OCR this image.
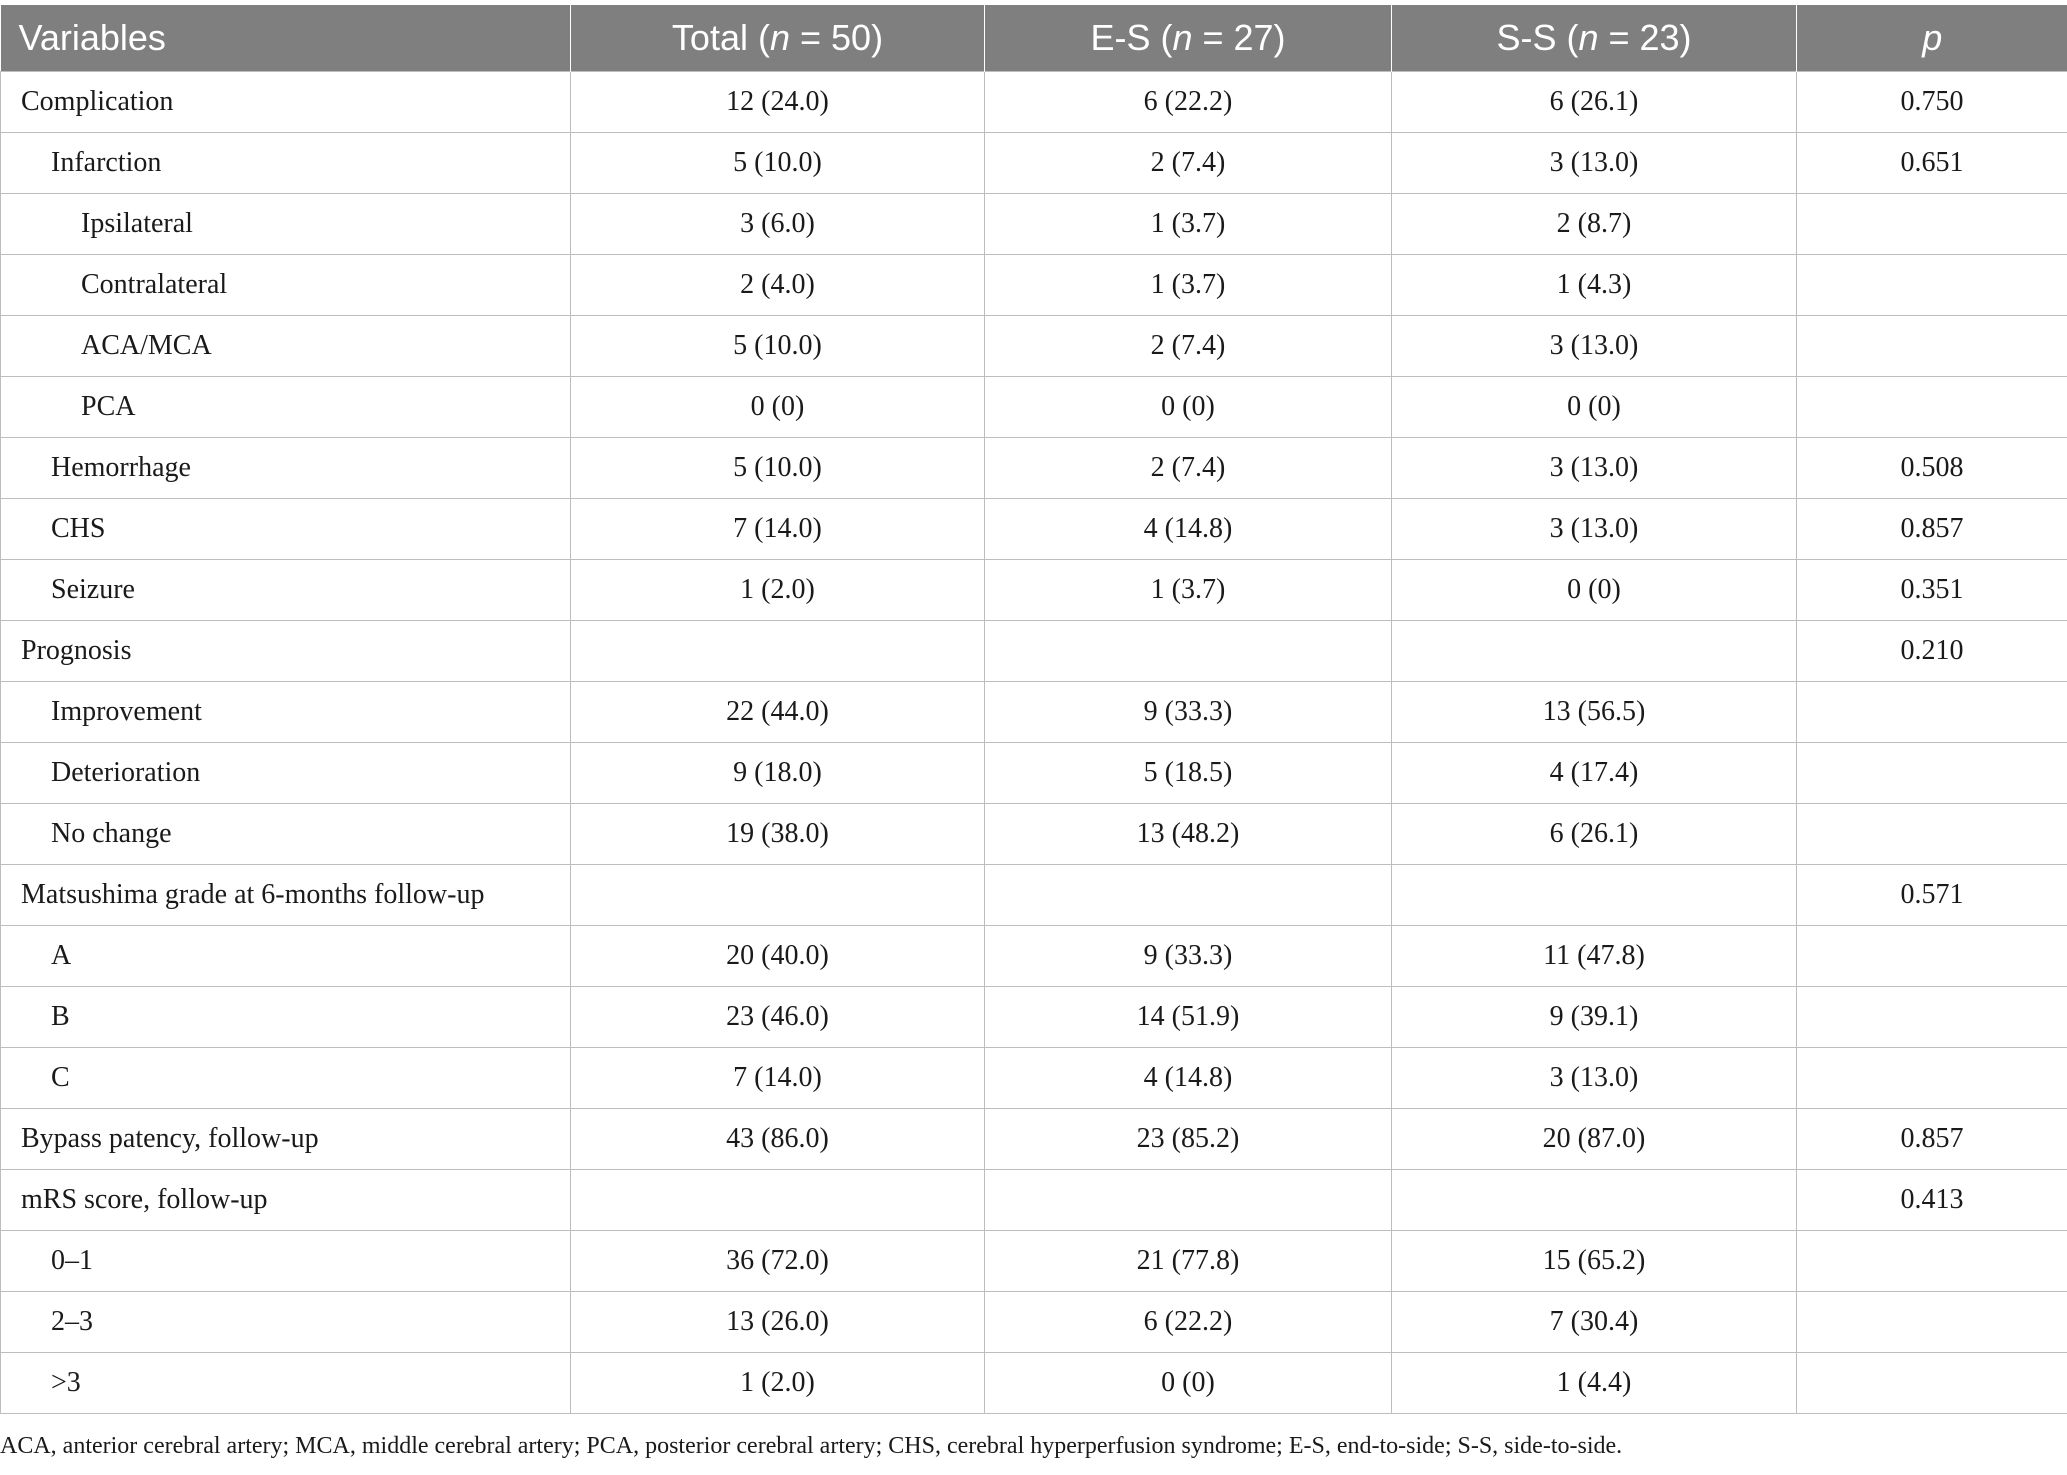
Variables	Total (n = 50)	E-S (n = 27)	S-S (n = 23)	p
Complication	12 (24.0)	6 (22.2)	6 (26.1)	0.750
Infarction	5 (10.0)	2 (7.4)	3 (13.0)	0.651
Ipsilateral	3 (6.0)	1 (3.7)	2 (8.7)	
Contralateral	2 (4.0)	1 (3.7)	1 (4.3)	
ACA/MCA	5 (10.0)	2 (7.4)	3 (13.0)	
PCA	0 (0)	0 (0)	0 (0)	
Hemorrhage	5 (10.0)	2 (7.4)	3 (13.0)	0.508
CHS	7 (14.0)	4 (14.8)	3 (13.0)	0.857
Seizure	1 (2.0)	1 (3.7)	0 (0)	0.351
Prognosis				0.210
Improvement	22 (44.0)	9 (33.3)	13 (56.5)	
Deterioration	9 (18.0)	5 (18.5)	4 (17.4)	
No change	19 (38.0)	13 (48.2)	6 (26.1)	
Matsushima grade at 6-months follow-up				0.571
A	20 (40.0)	9 (33.3)	11 (47.8)	
B	23 (46.0)	14 (51.9)	9 (39.1)	
C	7 (14.0)	4 (14.8)	3 (13.0)	
Bypass patency, follow-up	43 (86.0)	23 (85.2)	20 (87.0)	0.857
mRS score, follow-up				0.413
0–1	36 (72.0)	21 (77.8)	15 (65.2)	
2–3	13 (26.0)	6 (22.2)	7 (30.4)	
>3	1 (2.0)	0 (0)	1 (4.4)	
ACA, anterior cerebral artery; MCA, middle cerebral artery; PCA, posterior cerebral artery; CHS, cerebral hyperperfusion syndrome; E-S, end-to-side; S-S, side-to-side.
